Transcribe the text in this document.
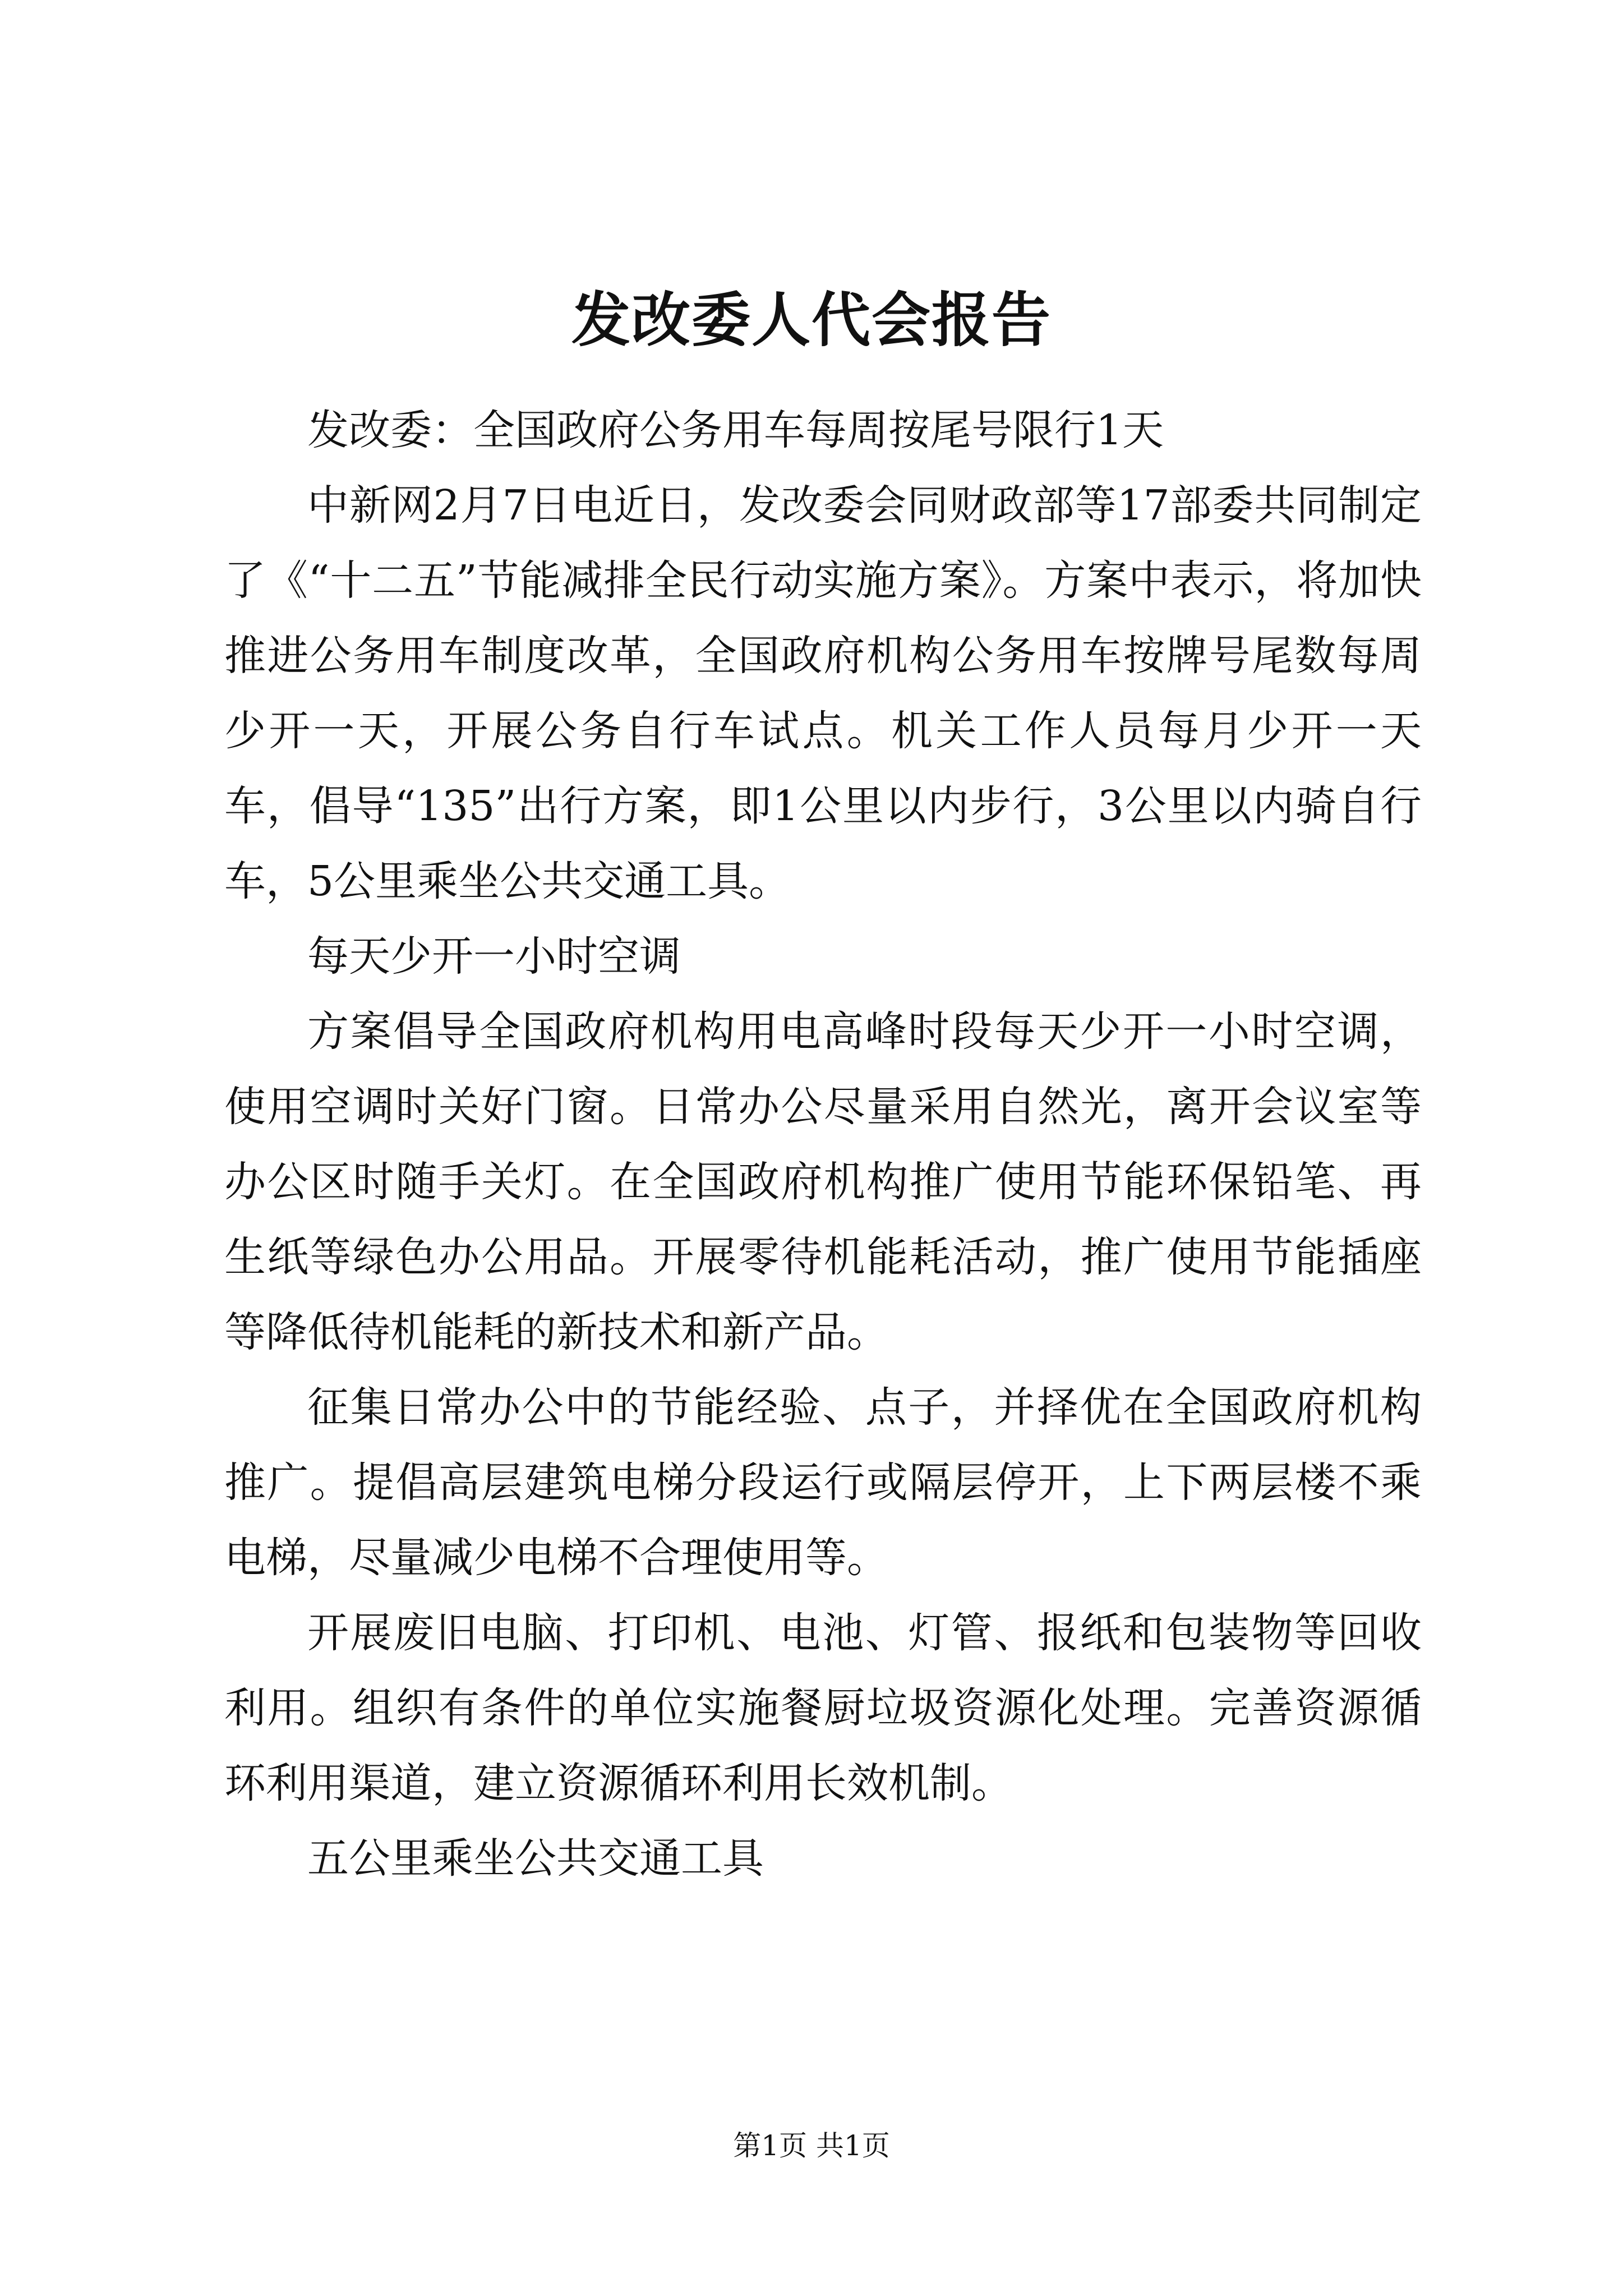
发改委人代会报告

发改委：全国政府公务用车每周按尾号限行1天

中新网2月7日电近日，发改委会同财政部等17部委共同制定了《“十二五”节能减排全民行动实施方案》。方案中表示，将加快推进公务用车制度改革，全国政府机构公务用车按牌号尾数每周少开一天，开展公务自行车试点。机关工作人员每月少开一天车，倡导“135”出行方案，即1公里以内步行，3公里以内骑自行车，5公里乘坐公共交通工具。

每天少开一小时空调

方案倡导全国政府机构用电高峰时段每天少开一小时空调，使用空调时关好门窗。日常办公尽量采用自然光，离开会议室等办公区时随手关灯。在全国政府机构推广使用节能环保铅笔、再生纸等绿色办公用品。开展零待机能耗活动，推广使用节能插座等降低待机能耗的新技术和新产品。

征集日常办公中的节能经验、点子，并择优在全国政府机构推广。提倡高层建筑电梯分段运行或隔层停开，上下两层楼不乘电梯，尽量减少电梯不合理使用等。

开展废旧电脑、打印机、电池、灯管、报纸和包装物等回收利用。组织有条件的单位实施餐厨垃圾资源化处理。完善资源循环利用渠道，建立资源循环利用长效机制。

五公里乘坐公共交通工具

第1页 共1页
